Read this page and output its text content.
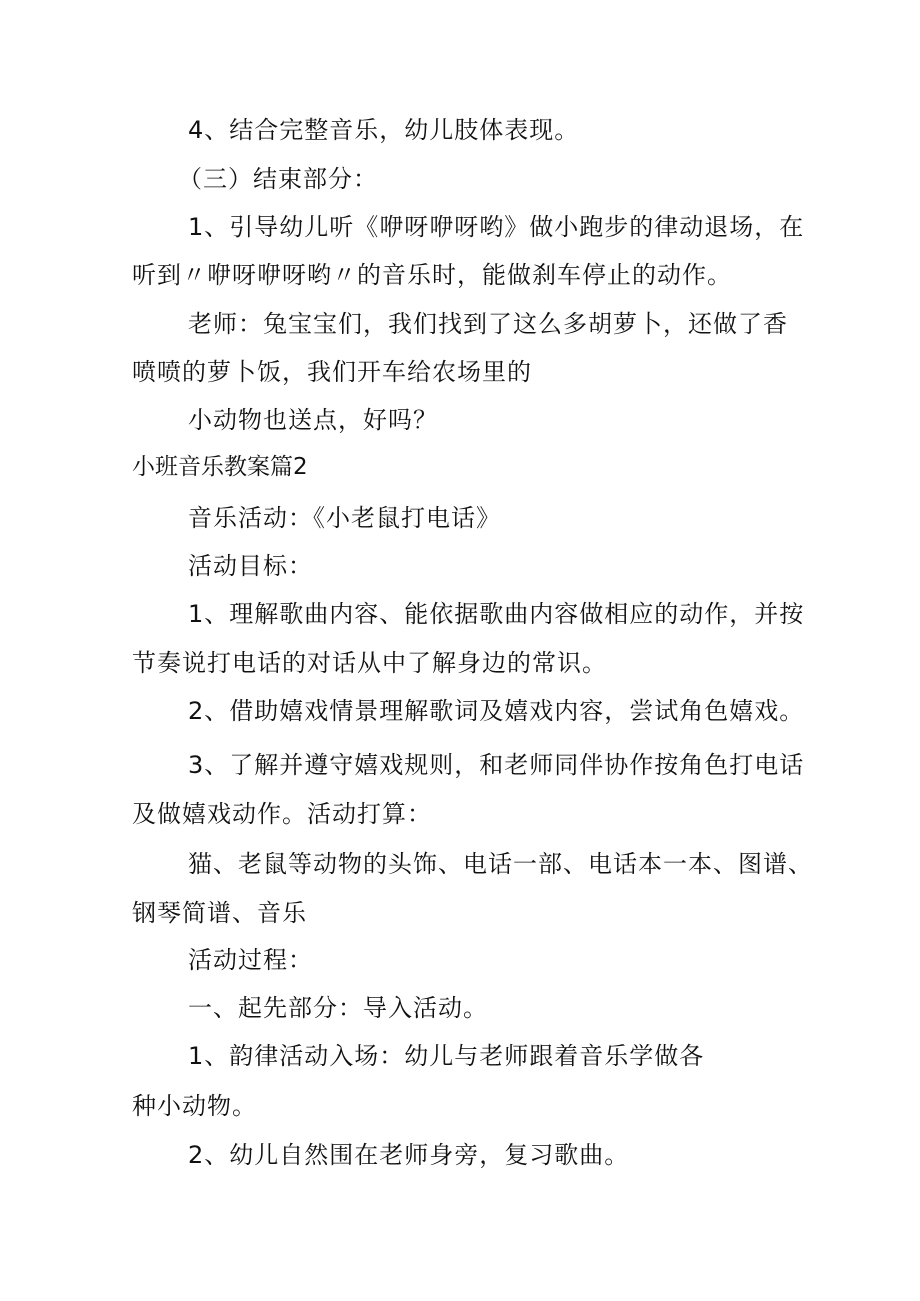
4、结合完整音乐，幼儿肢体表现。

（三）结束部分：

1、引导幼儿听《咿呀咿呀哟》做小跑步的律动退场，在

听到〃咿呀咿呀哟〃的音乐时，能做刹车停止的动作。

老师：兔宝宝们，我们找到了这么多胡萝卜，还做了香

喷喷的萝卜饭，我们开车给农场里的

小动物也送点，好吗？

小班音乐教案篇2

音乐活动：《小老鼠打电话》

活动目标：

1、理解歌曲内容、能依据歌曲内容做相应的动作，并按

节奏说打电话的对话从中了解身边的常识。

2、借助嬉戏情景理解歌词及嬉戏内容，尝试角色嬉戏。

3、了解并遵守嬉戏规则，和老师同伴协作按角色打电话

及做嬉戏动作。活动打算：

猫、老鼠等动物的头饰、电话一部、电话本一本、图谱、

钢琴简谱、音乐

活动过程：

一、起先部分：导入活动。

1、韵律活动入场：幼儿与老师跟着音乐学做各

种小动物。

2、幼儿自然围在老师身旁，复习歌曲。
